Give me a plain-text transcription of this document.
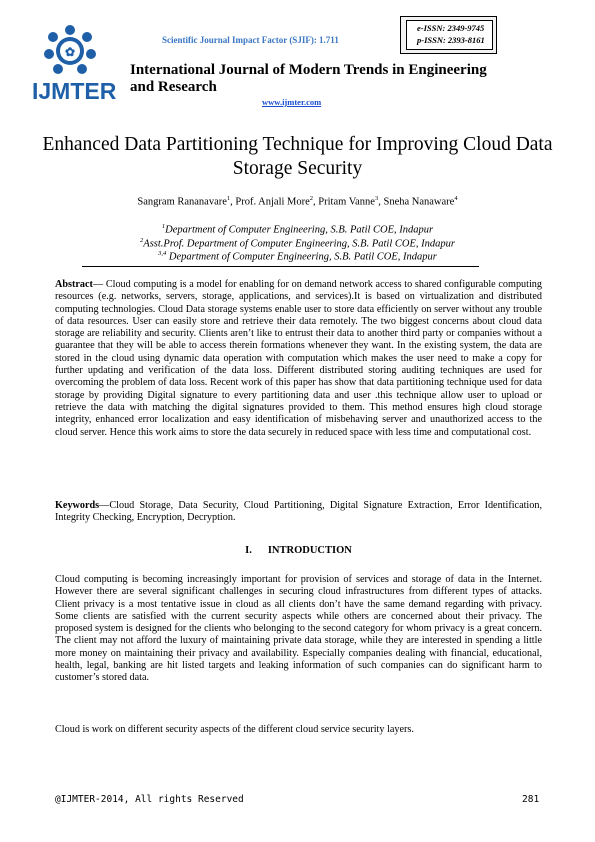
✿
IJMTER
Scientific Journal Impact Factor (SJIF): 1.711
e-ISSN: 2349-9745
p-ISSN: 2393-8161
International Journal of Modern Trends in Engineering
and Research
www.ijmter.com
Enhanced Data Partitioning Technique for Improving Cloud Data Storage Security
Sangram Rananavare$^1$, Prof. Anjali More$^2$, Pritam Vanne$^3$, Sneha Nanaware$^4$
$^1$Department of Computer Engineering, S.B. Patil COE, Indapur
$^2$Asst.Prof. Department of Computer Engineering, S.B. Patil COE, Indapur
$^{3,4}$ Department of Computer Engineering, S.B. Patil COE, Indapur
Abstract— Cloud computing is a model for enabling for on demand network access to shared configurable computing resources (e.g. networks, servers, storage, applications, and services).It is based on virtualization and distributed computing technologies. Cloud Data storage systems enable user to store data efficiently on server without any trouble of data resources. User can easily store and retrieve their data remotely. The two biggest concerns about cloud data storage are reliability and security. Clients aren’t like to entrust their data to another third party or companies without a guarantee that they will be able to access therein formations whenever they want. In the existing system, the data are stored in the cloud using dynamic data operation with computation which makes the user need to make a copy for further updating and verification of the data loss. Different distributed storing auditing techniques are used for overcoming the problem of data loss. Recent work of this paper has show that data partitioning technique used for data storage by providing Digital signature to every partitioning data and user .this technique allow user to upload or retrieve the data with matching the digital signatures provided to them. This method ensures high cloud storage integrity, enhanced error localization and easy identification of misbehaving server and unauthorized access to the cloud server. Hence this work aims to store the data securely in reduced space with less time and computational cost.
Keywords—Cloud Storage, Data Security, Cloud Partitioning, Digital Signature Extraction, Error Identification, Integrity Checking, Encryption, Decryption.
I. INTRODUCTION
Cloud computing is becoming increasingly important for provision of services and storage of data in the Internet. However there are several significant challenges in securing cloud infrastructures from different types of attacks. Client privacy is a most tentative issue in cloud as all clients don’t have the same demand regarding with privacy. Some clients are satisfied with the current security aspects while others are concerned about their privacy. The proposed system is designed for the clients who belonging to the second category for whom privacy is a great concern. The client may not afford the luxury of maintaining private data storage, while they are interested in spending a little more money on maintaining their privacy and availability. Especially companies dealing with financial, educational, health, legal, banking are hit listed targets and leaking information of such companies can do significant harm to customer’s stored data.
Cloud is work on different security aspects of the different cloud service security layers.
@IJMTER-2014, All rights Reserved	281
